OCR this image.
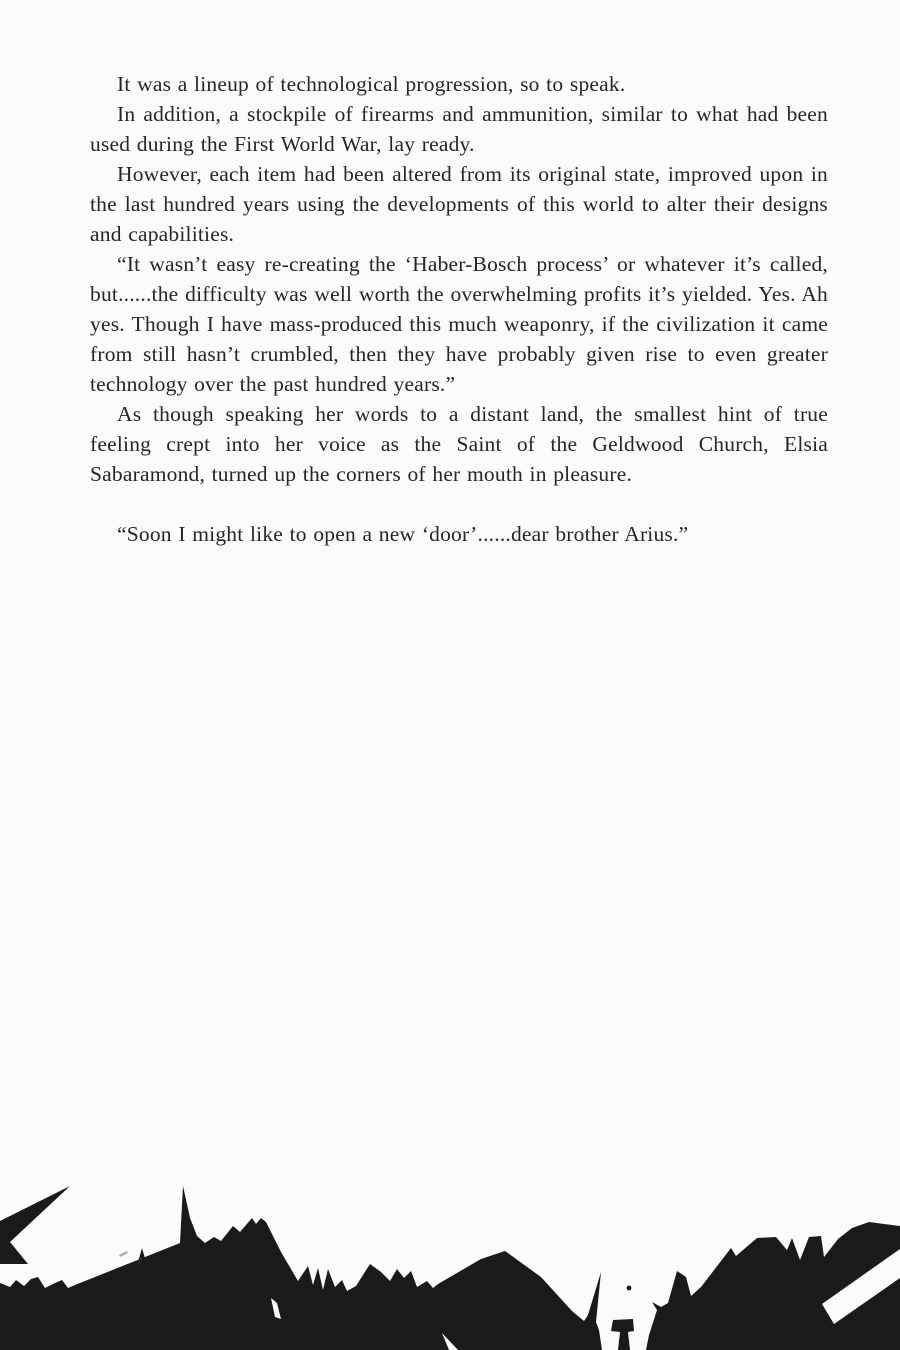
It was a lineup of technological progression, so to speak.

In addition, a stockpile of firearms and ammunition, similar to what had been used during the First World War, lay ready.

However, each item had been altered from its original state, improved upon in the last hundred years using the developments of this world to alter their designs and capabilities.

“It wasn’t easy re-creating the ‘Haber-Bosch process’ or whatever it’s called, but......the difficulty was well worth the overwhelming profits it’s yielded. Yes. Ah yes. Though I have mass-produced this much weaponry, if the civilization it came from still hasn’t crumbled, then they have probably given rise to even greater technology over the past hundred years.”

As though speaking her words to a distant land, the smallest hint of true feeling crept into her voice as the Saint of the Geldwood Church, Elsia Sabaramond, turned up the corners of her mouth in pleasure.

“Soon I might like to open a new ‘door’......dear brother Arius.”
